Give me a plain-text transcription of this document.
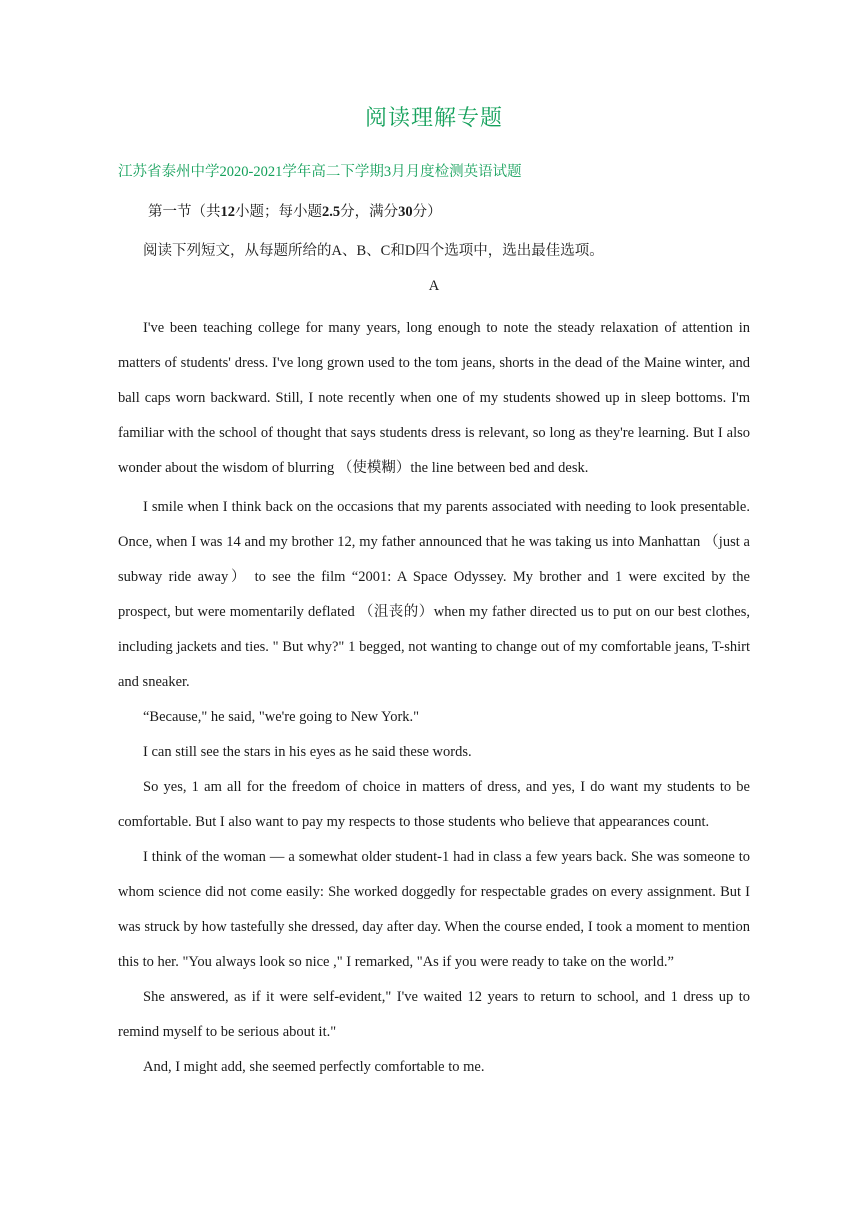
阅读理解专题
江苏省泰州中学2020-2021学年高二下学期3月月度检测英语试题
第一节（共12小题；每小题2.5分，满分30分）
阅读下列短文，从每题所给的A、B、C和D四个选项中，选出最佳选项。
A

I've been teaching college for many years, long enough to note the steady relaxation of attention in matters of students' dress. I've long grown used to the tom jeans, shorts in the dead of the Maine winter, and ball caps worn backward. Still, I note recently when one of my students showed up in sleep bottoms. I'm familiar with the school of thought that says students dress is relevant, so long as they're learning. But I also wonder about the wisdom of blurring （使模糊）the line between bed and desk.

I smile when I think back on the occasions that my parents associated with needing to look presentable. Once, when I was 14 and my brother 12, my father announced that he was taking us into Manhattan （just a subway ride away） to see the film “2001: A Space Odyssey. My brother and 1 were excited by the prospect, but were momentarily deflated （沮丧的）when my father directed us to put on our best clothes, including jackets and ties. " But why?" 1 begged, not wanting to change out of my comfortable jeans, T-shirt and sneaker.

“Because," he said, "we're going to New York."

I can still see the stars in his eyes as he said these words.

So yes, 1 am all for the freedom of choice in matters of dress, and yes, I do want my students to be comfortable. But I also want to pay my respects to those students who believe that appearances count.

I think of the woman — a somewhat older student-1 had in class a few years back. She was someone to whom science did not come easily: She worked doggedly for respectable grades on every assignment. But I was struck by how tastefully she dressed, day after day. When the course ended, I took a moment to mention this to her. "You always look so nice ," I remarked, "As if you were ready to take on the world.”

She answered, as if it were self-evident," I've waited 12 years to return to school, and 1 dress up to remind myself to be serious about it."

And, I might add, she seemed perfectly comfortable to me.
